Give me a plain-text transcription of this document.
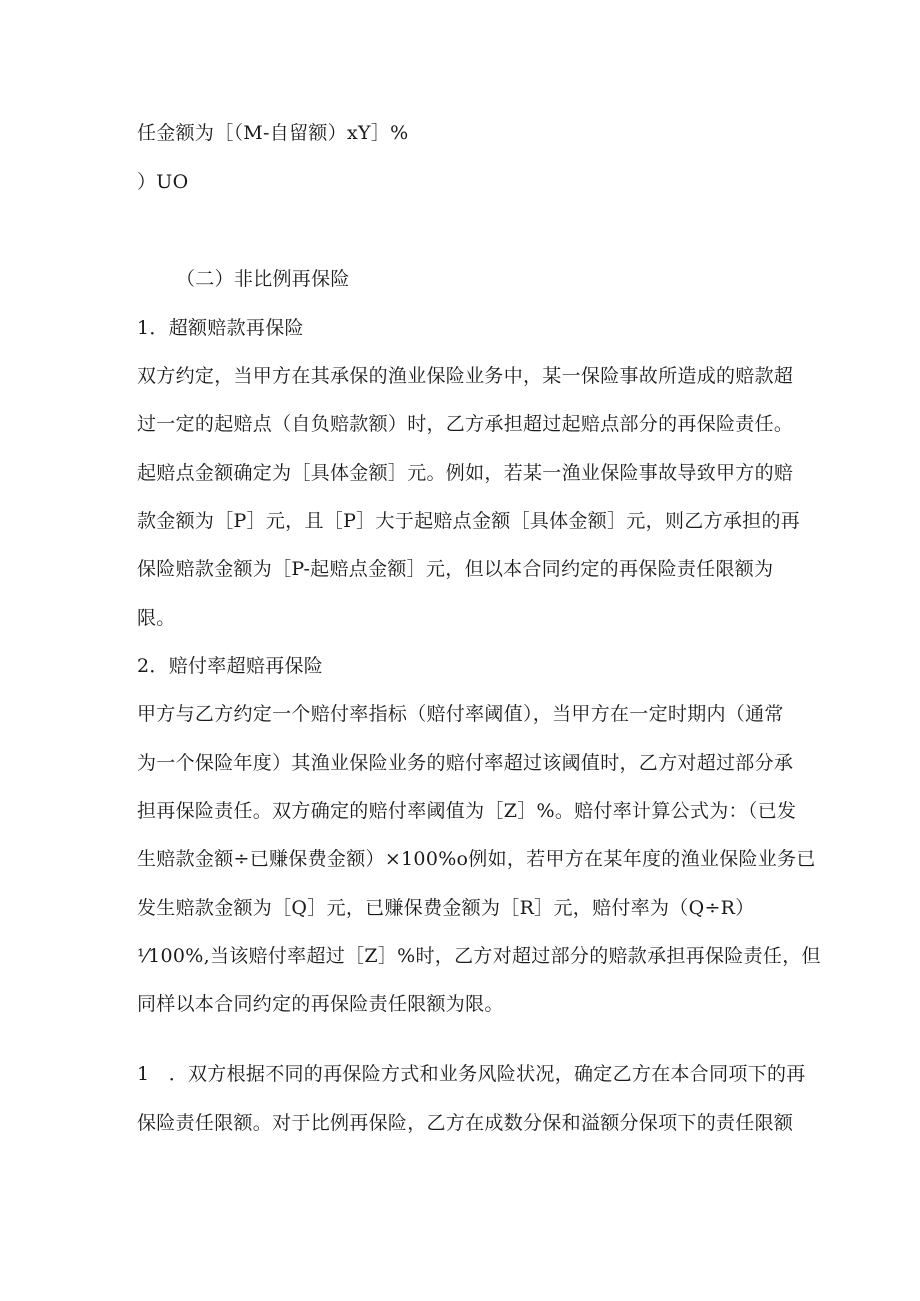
任金额为［（M-自留额）xY］%
）UO
（二）非比例再保险
1．超额赔款再保险
双方约定，当甲方在其承保的渔业保险业务中，某一保险事故所造成的赔款超
过一定的起赔点（自负赔款额）时，乙方承担超过起赔点部分的再保险责任。
起赔点金额确定为［具体金额］元。例如，若某一渔业保险事故导致甲方的赔
款金额为［P］元，且［P］大于起赔点金额［具体金额］元，则乙方承担的再
保险赔款金额为［P-起赔点金额］元，但以本合同约定的再保险责任限额为
限。
2．赔付率超赔再保险
甲方与乙方约定一个赔付率指标（赔付率阈值），当甲方在一定时期内（通常
为一个保险年度）其渔业保险业务的赔付率超过该阈值时，乙方对超过部分承
担再保险责任。双方确定的赔付率阈值为［Z］%。赔付率计算公式为：（已发
生赔款金额÷已赚保费金额）×100%o例如，若甲方在某年度的渔业保险业务已
发生赔款金额为［Q］元，已赚保费金额为［R］元，赔付率为（Q÷R）
⅟100%,当该赔付率超过［Z］%时，乙方对超过部分的赔款承担再保险责任，但
同样以本合同约定的再保险责任限额为限。
1　．双方根据不同的再保险方式和业务风险状况，确定乙方在本合同项下的再
保险责任限额。对于比例再保险，乙方在成数分保和溢额分保项下的责任限额
